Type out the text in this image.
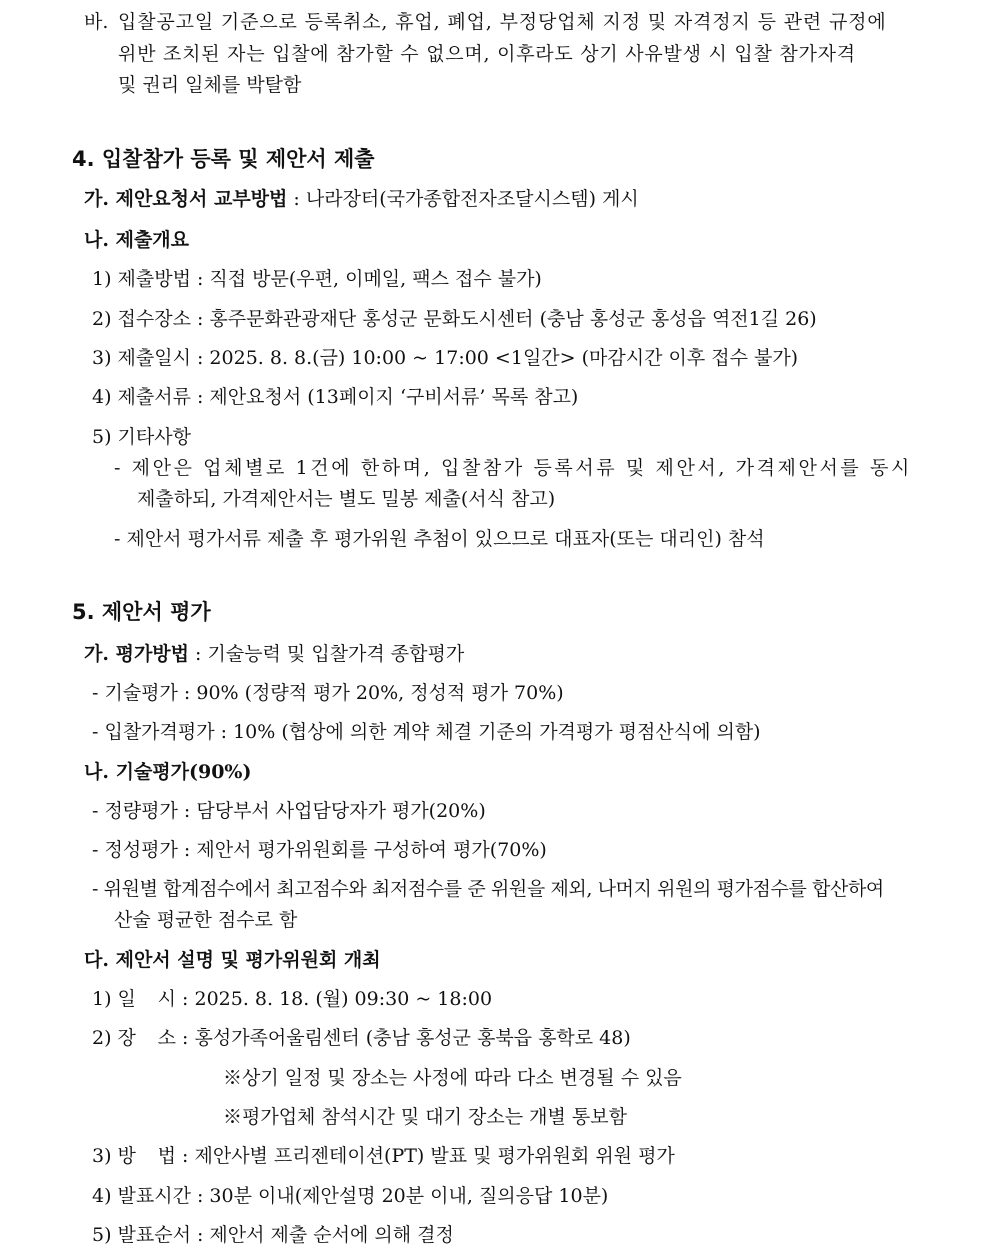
바. 입찰공고일 기준으로 등록취소, 휴업, 폐업, 부정당업체 지정 및 자격정지 등 관련 규정에
위반 조치된 자는 입찰에 참가할 수 없으며, 이후라도 상기 사유발생 시 입찰 참가자격
및 권리 일체를 박탈함
4. 입찰참가 등록 및 제안서 제출
가. 제안요청서 교부방법 : 나라장터(국가종합전자조달시스템) 게시
나. 제출개요
1) 제출방법 : 직접 방문(우편, 이메일, 팩스 접수 불가)
2) 접수장소 : 홍주문화관광재단 홍성군 문화도시센터 (충남 홍성군 홍성읍 역전1길 26)
3) 제출일시 : 2025. 8. 8.(금) 10:00 ~ 17:00 <1일간> (마감시간 이후 접수 불가)
4) 제출서류 : 제안요청서 (13페이지 ‘구비서류’ 목록 참고)
5) 기타사항
- 제안은 업체별로 1건에 한하며, 입찰참가 등록서류 및 제안서, 가격제안서를 동시
제출하되, 가격제안서는 별도 밀봉 제출(서식 참고)
- 제안서 평가서류 제출 후 평가위원 추첨이 있으므로 대표자(또는 대리인) 참석
5. 제안서 평가
가. 평가방법 : 기술능력 및 입찰가격 종합평가
- 기술평가 : 90% (정량적 평가 20%, 정성적 평가 70%)
- 입찰가격평가 : 10% (협상에 의한 계약 체결 기준의 가격평가 평점산식에 의함)
나. 기술평가(90%)
- 정량평가 : 담당부서 사업담당자가 평가(20%)
- 정성평가 : 제안서 평가위원회를 구성하여 평가(70%)
- 위원별 합계점수에서 최고점수와 최저점수를 준 위원을 제외, 나머지 위원의 평가점수를 합산하여
산술 평균한 점수로 함
다. 제안서 설명 및 평가위원회 개최
1) 일 시 : 2025. 8. 18. (월) 09:30 ~ 18:00
2) 장 소 : 홍성가족어울림센터 (충남 홍성군 홍북읍 홍학로 48)
※상기 일정 및 장소는 사정에 따라 다소 변경될 수 있음
※평가업체 참석시간 및 대기 장소는 개별 통보함
3) 방 법 : 제안사별 프리젠테이션(PT) 발표 및 평가위원회 위원 평가
4) 발표시간 : 30분 이내(제안설명 20분 이내, 질의응답 10분)
5) 발표순서 : 제안서 제출 순서에 의해 결정
